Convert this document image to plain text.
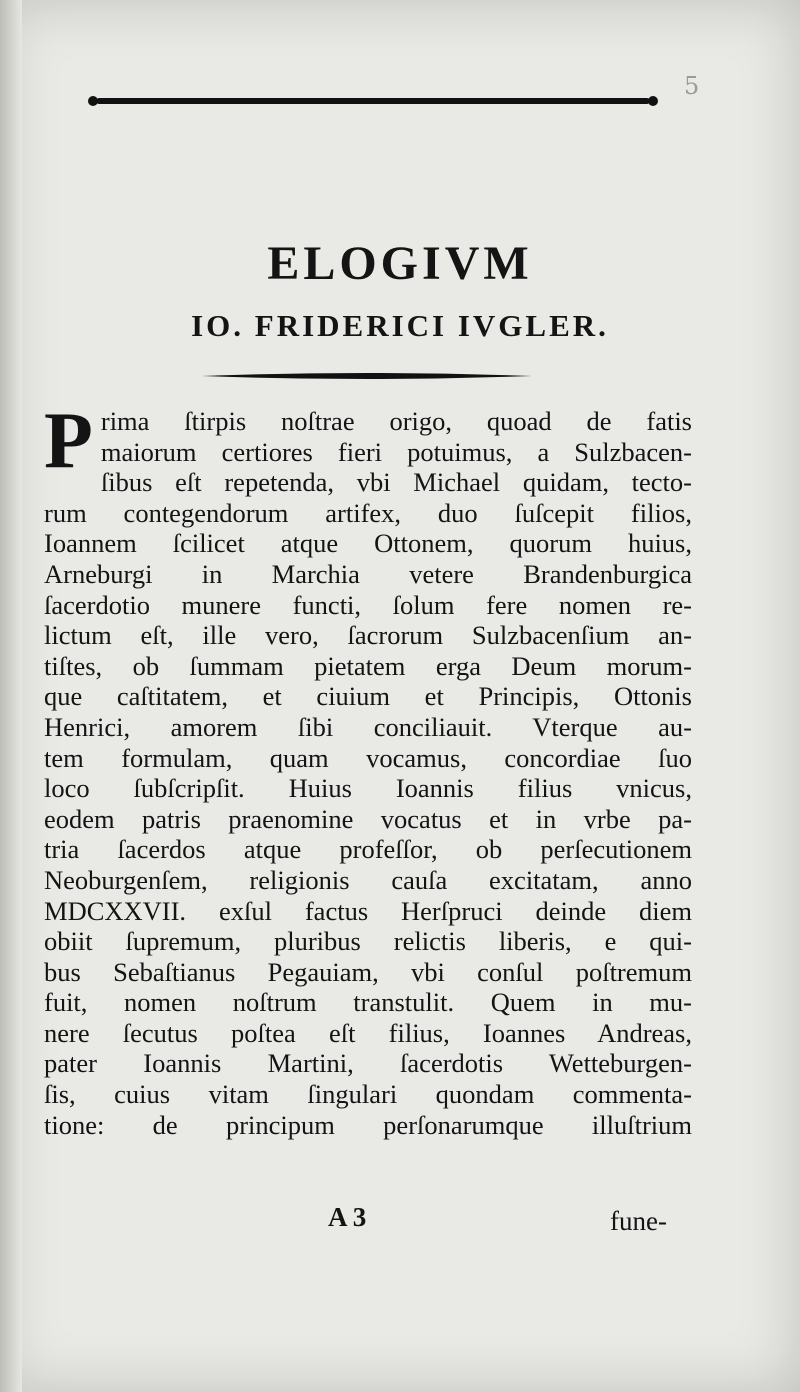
5
ELOGIVM
IO. FRIDERICI IVGLER.
P rima ſtirpis noſtrae origo, quoad de fatis
maiorum certiores fieri potuimus, a Sulzbacen-
ſibus eſt repetenda, vbi Michael quidam, tecto-
rum contegendorum artifex, duo ſuſcepit filios,
Ioannem ſcilicet atque Ottonem, quorum huius,
Arneburgi in Marchia vetere Brandenburgica
ſacerdotio munere functi, ſolum fere nomen re-
lictum eſt, ille vero, ſacrorum Sulzbacenſium an-
tiſtes, ob ſummam pietatem erga Deum morum-
que caſtitatem, et ciuium et Principis, Ottonis
Henrici, amorem ſibi conciliauit. Vterque au-
tem formulam, quam vocamus, concordiae ſuo
loco ſubſcripſit. Huius Ioannis filius vnicus,
eodem patris praenomine vocatus et in vrbe pa-
tria ſacerdos atque profeſſor, ob perſecutionem
Neoburgenſem, religionis cauſa excitatam, anno
MDCXXVII. exſul factus Herſpruci deinde diem
obiit ſupremum, pluribus relictis liberis, e qui-
bus Sebaſtianus Pegauiam, vbi conſul poſtremum
fuit, nomen noſtrum transtulit. Quem in mu-
nere ſecutus poſtea eſt filius, Ioannes Andreas,
pater Ioannis Martini, ſacerdotis Wetteburgen-
ſis, cuius vitam ſingulari quondam commenta-
tione: de principum perſonarumque illuſtrium
A 3	fune-
